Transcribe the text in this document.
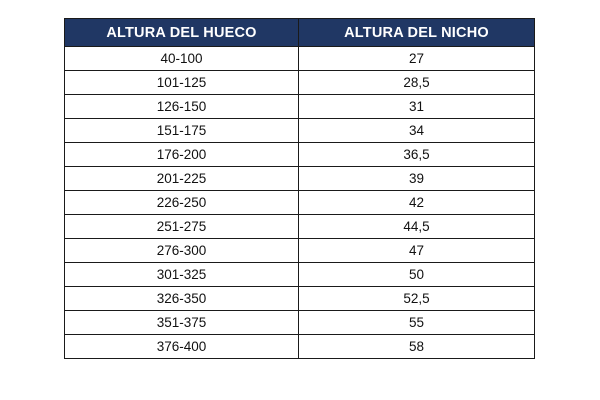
ALTURA DEL HUECO	ALTURA DEL NICHO
40-100	27
101-125	28,5
126-150	31
151-175	34
176-200	36,5
201-225	39
226-250	42
251-275	44,5
276-300	47
301-325	50
326-350	52,5
351-375	55
376-400	58
